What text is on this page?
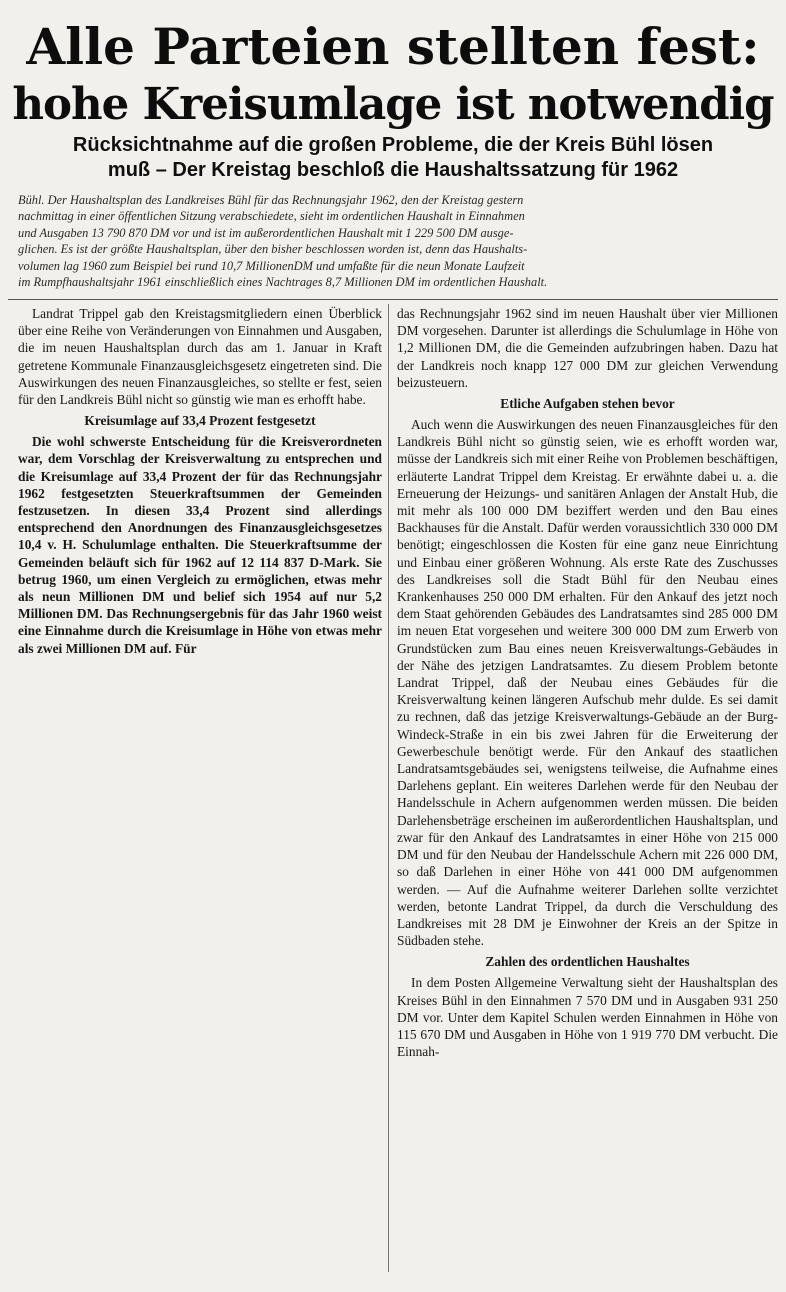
Alle Parteien stellten fest:
hohe Kreisumlage ist notwendig
Rücksichtnahme auf die großen Probleme, die der Kreis Bühl lösen
muß – Der Kreistag beschloß die Haushaltssatzung für 1962
Bühl. Der Haushaltsplan des Landkreises Bühl für das Rechnungsjahr 1962, den der Kreistag gestern
nachmittag in einer öffentlichen Sitzung verabschiedete, sieht im ordentlichen Haushalt in Einnahmen
und Ausgaben 13 790 870 DM vor und ist im außerordentlichen Haushalt mit 1 229 500 DM ausge-
glichen. Es ist der größte Haushaltsplan, über den bisher beschlossen worden ist, denn das Haushalts-
volumen lag 1960 zum Beispiel bei rund 10,7 MillionenDM und umfaßte für die neun Monate Laufzeit
im Rumpfhaushaltsjahr 1961 einschließlich eines Nachtrages 8,7 Millionen DM im ordentlichen Haushalt.

Landrat Trippel gab den Kreistagsmitgliedern einen Überblick über eine Reihe von Veränderungen von Einnahmen und Ausgaben, die im neuen Haushaltsplan durch das am 1. Januar in Kraft getretene Kommunale Finanzausgleichsgesetz eingetreten sind. Die Auswirkungen des neuen Finanzausgleiches, so stellte er fest, seien für den Landkreis Bühl nicht so günstig wie man es erhofft habe.

Kreisumlage auf 33,4 Prozent festgesetzt

Die wohl schwerste Entscheidung für die Kreisverordneten war, dem Vorschlag der Kreisverwaltung zu entsprechen und die Kreisumlage auf 33,4 Prozent der für das Rechnungsjahr 1962 festgesetzten Steuerkraftsummen der Gemeinden festzusetzen. In diesen 33,4 Prozent sind allerdings entsprechend den Anordnungen des Finanzausgleichsgesetzes 10,4 v. H. Schulumlage enthalten. Die Steuerkraftsumme der Gemeinden beläuft sich für 1962 auf 12 114 837 D-Mark. Sie betrug 1960, um einen Vergleich zu ermöglichen, etwas mehr als neun Millionen DM und belief sich 1954 auf nur 5,2 Millionen DM. Das Rechnungsergebnis für das Jahr 1960 weist eine Einnahme durch die Kreisumlage in Höhe von etwas mehr als zwei Millionen DM auf. Für

das Rechnungsjahr 1962 sind im neuen Haushalt über vier Millionen DM vorgesehen. Darunter ist allerdings die Schulumlage in Höhe von 1,2 Millionen DM, die die Gemeinden aufzubringen haben. Dazu hat der Landkreis noch knapp 127 000 DM zur gleichen Verwendung beizusteuern.

Etliche Aufgaben stehen bevor

Auch wenn die Auswirkungen des neuen Finanzausgleiches für den Landkreis Bühl nicht so günstig seien, wie es erhofft worden war, müsse der Landkreis sich mit einer Reihe von Problemen beschäftigen, erläuterte Landrat Trippel dem Kreistag. Er erwähnte dabei u. a. die Erneuerung der Heizungs- und sanitären Anlagen der Anstalt Hub, die mit mehr als 100 000 DM beziffert werden und den Bau eines Backhauses für die Anstalt. Dafür werden voraussichtlich 330 000 DM benötigt; eingeschlossen die Kosten für eine ganz neue Einrichtung und Einbau einer größeren Wohnung. Als erste Rate des Zuschusses des Landkreises soll die Stadt Bühl für den Neubau eines Krankenhauses 250 000 DM erhalten. Für den Ankauf des jetzt noch dem Staat gehörenden Gebäudes des Landratsamtes sind 285 000 DM im neuen Etat vorgesehen und weitere 300 000 DM zum Erwerb von Grundstücken zum Bau eines neuen Kreisverwaltungs-Gebäudes in der Nähe des jetzigen Landratsamtes. Zu diesem Problem betonte Landrat Trippel, daß der Neubau eines Gebäudes für die Kreisverwaltung keinen längeren Aufschub mehr dulde. Es sei damit zu rechnen, daß das jetzige Kreisverwaltungs-Gebäude an der Burg-Windeck-Straße in ein bis zwei Jahren für die Erweiterung der Gewerbeschule benötigt werde. Für den Ankauf des staatlichen Landratsamtsgebäudes sei, wenigstens teilweise, die Aufnahme eines Darlehens geplant. Ein weiteres Darlehen werde für den Neubau der Handelsschule in Achern aufgenommen werden müssen. Die beiden Darlehensbeträge erscheinen im außerordentlichen Haushaltsplan, und zwar für den Ankauf des Landratsamtes in einer Höhe von 215 000 DM und für den Neubau der Handelsschule Achern mit 226 000 DM, so daß Darlehen in einer Höhe von 441 000 DM aufgenommen werden. — Auf die Aufnahme weiterer Darlehen sollte verzichtet werden, betonte Landrat Trippel, da durch die Verschuldung des Landkreises mit 28 DM je Einwohner der Kreis an der Spitze in Südbaden stehe.

Zahlen des ordentlichen Haushaltes

In dem Posten Allgemeine Verwaltung sieht der Haushaltsplan des Kreises Bühl in den Einnahmen 7 570 DM und in Ausgaben 931 250 DM vor. Unter dem Kapitel Schulen werden Einnahmen in Höhe von 115 670 DM und Ausgaben in Höhe von 1 919 770 DM verbucht. Die Einnah-
